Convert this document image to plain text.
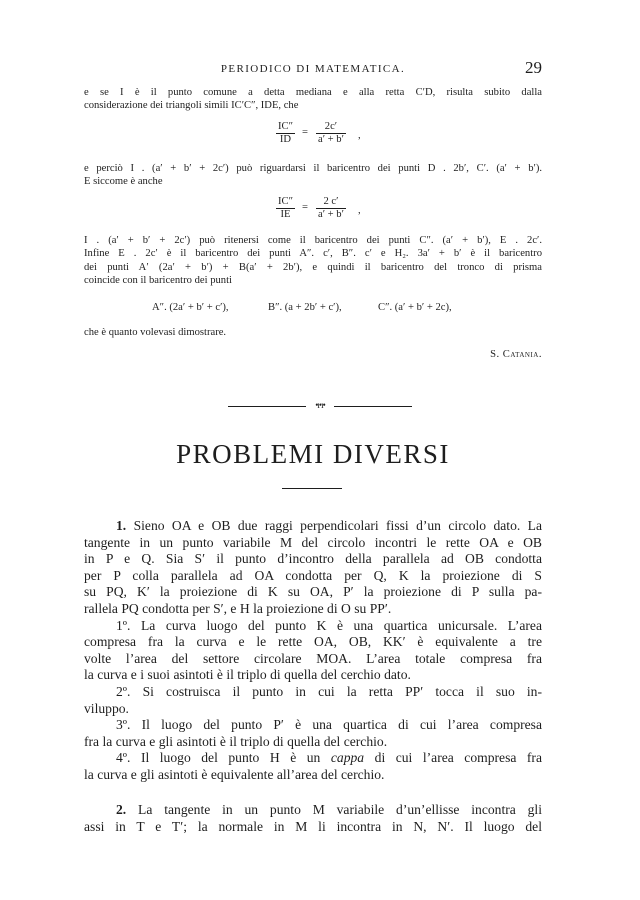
PERIODICO DI MATEMATICA.	29
e se I è il punto comune a detta mediana e alla retta C′D, risulta subito dalla
considerazione dei triangoli simili IC′C″, IDE, che
$\frac{IC''}{ID} = \frac{2c'}{a' + b'}$ ,
e perciò I . (a′ + b′ + 2c′) può riguardarsi il baricentro dei punti D . 2b′, C′. (a′ + b′).
E siccome è anche
$\frac{IC''}{IE} = \frac{2 c'}{a' + b'}$ ,
I . (a′ + b′ + 2c′) può ritenersi come il baricentro dei punti C″. (a′ + b′), E . 2c′.
Infine E . 2c′ è il baricentro dei punti A″. c′, B″. c′ e H₂. 3a′ + b′ è il baricentro
dei punti A′ (2a′ + b′) + B(a′ + 2b′), e quindi il baricentro del tronco di prisma
coincide con il baricentro dei punti
A″. (2a′ + b′ + c′),	B″. (a + 2b′ + c′),	C″. (a′ + b′ + 2c),
che è quanto volevasi dimostrare.
S. Catania.
•ı•ı•
PROBLEMI DIVERSI
1. Sieno OA e OB due raggi perpendicolari fissi d’un circolo dato. La
tangente in un punto variabile M del circolo incontri le rette OA e OB
in P e Q. Sia S′ il punto d’incontro della parallela ad OB condotta
per P colla parallela ad OA condotta per Q, K la proiezione di S
su PQ, K′ la proiezione di K su OA, P′ la proiezione di P sulla pa-
rallela PQ condotta per S′, e H la proiezione di O su PP′.
1º. La curva luogo del punto K è una quartica unicursale. L’area
compresa fra la curva e le rette OA, OB, KK′ è equivalente a tre
volte l’area del settore circolare MOA. L’area totale compresa fra
la curva e i suoi asintoti è il triplo di quella del cerchio dato.
2º. Si costruisca il punto in cui la retta PP′ tocca il suo in-
viluppo.
3º. Il luogo del punto P′ è una quartica di cui l’area compresa
fra la curva e gli asintoti è il triplo di quella del cerchio.
4º. Il luogo del punto H è un cappa di cui l’area compresa fra
la curva e gli asintoti è equivalente all’area del cerchio.
2. La tangente in un punto M variabile d’un’ellisse incontra gli
assi in T e T′; la normale in M li incontra in N, N′. Il luogo del
